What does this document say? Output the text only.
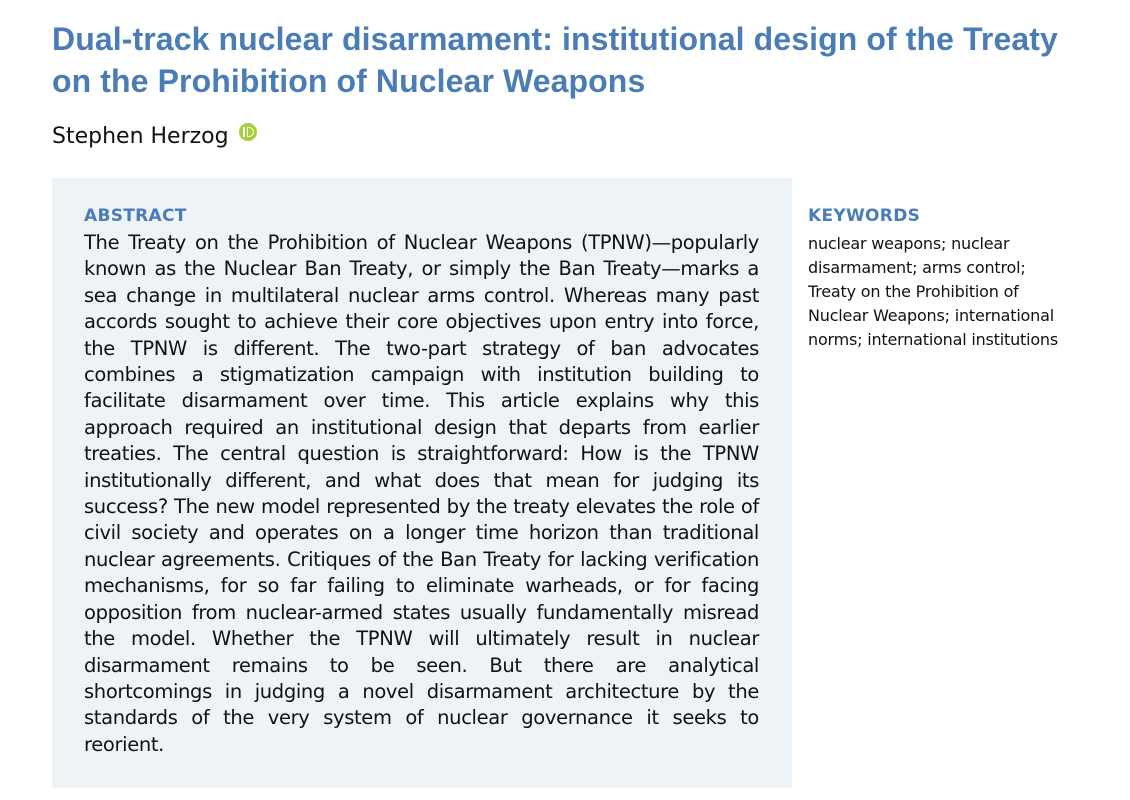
Dual-track nuclear disarmament: institutional design of the Treaty on the Prohibition of Nuclear Weapons
Stephen Herzog
ABSTRACT

The Treaty on the Prohibition of Nuclear Weapons (TPNW)—popularly known as the Nuclear Ban Treaty, or simply the Ban Treaty—marks a sea change in multilateral nuclear arms control. Whereas many past accords sought to achieve their core objectives upon entry into force, the TPNW is different. The two-part strategy of ban advocates combines a stigmatization campaign with institution building to facilitate disarmament over time. This article explains why this approach required an institutional design that departs from earlier treaties. The central question is straightforward: How is the TPNW institutionally different, and what does that mean for judging its success? The new model represented by the treaty elevates the role of civil society and operates on a longer time horizon than traditional nuclear agreements. Critiques of the Ban Treaty for lacking verification mechanisms, for so far failing to eliminate warheads, or for facing opposition from nuclear-armed states usually fundamentally misread the model. Whether the TPNW will ultimately result in nuclear disarmament remains to be seen. But there are analytical shortcomings in judging a novel disarmament architecture by the standards of the very system of nuclear governance it seeks to reorient.

KEYWORDS

nuclear weapons; nuclear disarmament; arms control; Treaty on the Prohibition of Nuclear Weapons; international norms; international institutions
